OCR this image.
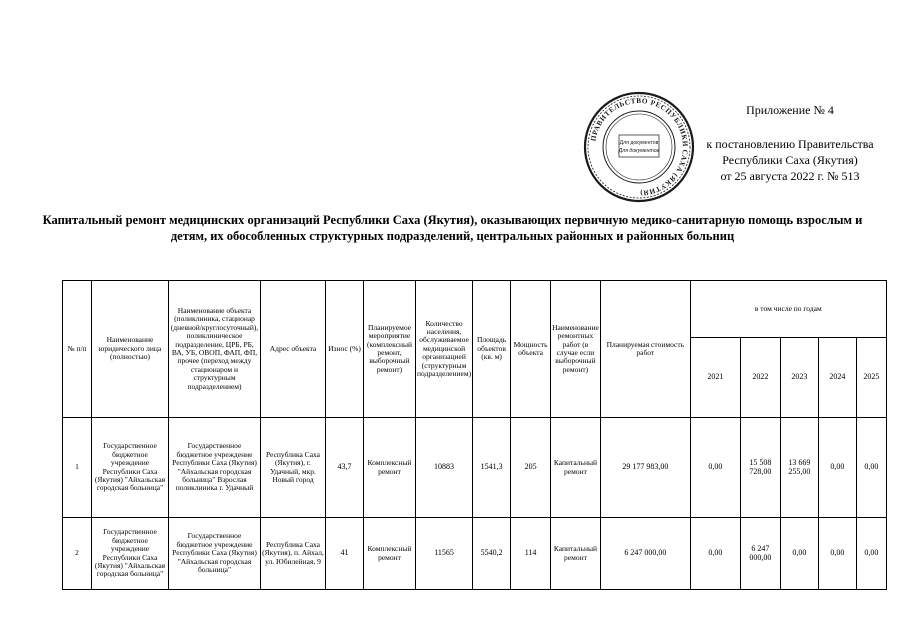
ПРАВИТЕЛЬСТВО РЕСПУБЛИКИ САХА (ЯКУТИЯ)
Для документов
Для документов
Приложение № 4
к постановлению Правительства
Республики Саха (Якутия)
от 25 августа 2022 г. № 513
Капитальный ремонт медицинских организаций Республики Саха (Якутия), оказывающих первичную медико-санитарную помощь взрослым и детям, их обособленных структурных подразделений, центральных районных и районных больниц
№ п/п	Наименование юридического лица (полностью)	Наименование объекта (поликлиника, стационар (дневной/круглосуточный), поликлиническое подразделение, ЦРБ, РБ, ВА, УБ, ОВОП, ФАП, ФП, прочее (переход между стационаром и структурным подразделением)	Адрес объекта	Износ (%)	Планируемое мероприятие (комплексный ремонт, выборочный ремонт)	Количество населения, обслуживаемое медицинской организацией (структурным подразделением)	Площадь объектов (кв. м)	Мощность объекта	Наименование ремонтных работ (в случае если выборочный ремонт)	Планируемая стоимость работ	в том числе по годам				
											2021	2022	2023	2024	2025
1	Государственное бюджетное учреждение Республики Саха (Якутия) "Айхальская городская больница"	Государственное бюджетное учреждение Республики Саха (Якутия) "Айхальская городская больница" Взрослая поликлиника г. Удачный	Республика Саха (Якутия), г. Удачный, мкр. Новый город	43,7	Комплексный ремонт	10883	1541,3	205	Капитальный ремонт	29 177 983,00	0,00	15 508 728,00	13 669 255,00	0,00	0,00
2	Государственное бюджетное учреждение Республики Саха (Якутия) "Айхальская городская больница"	Государственное бюджетное учреждение Республики Саха (Якутия) "Айхальская городская больница"	Республика Саха (Якутия), п. Айхал, ул. Юбилейная, 9	41	Комплексный ремонт	11565	5540,2	114	Капитальный ремонт	6 247 000,00	0,00	6 247 000,00	0,00	0,00	0,00
